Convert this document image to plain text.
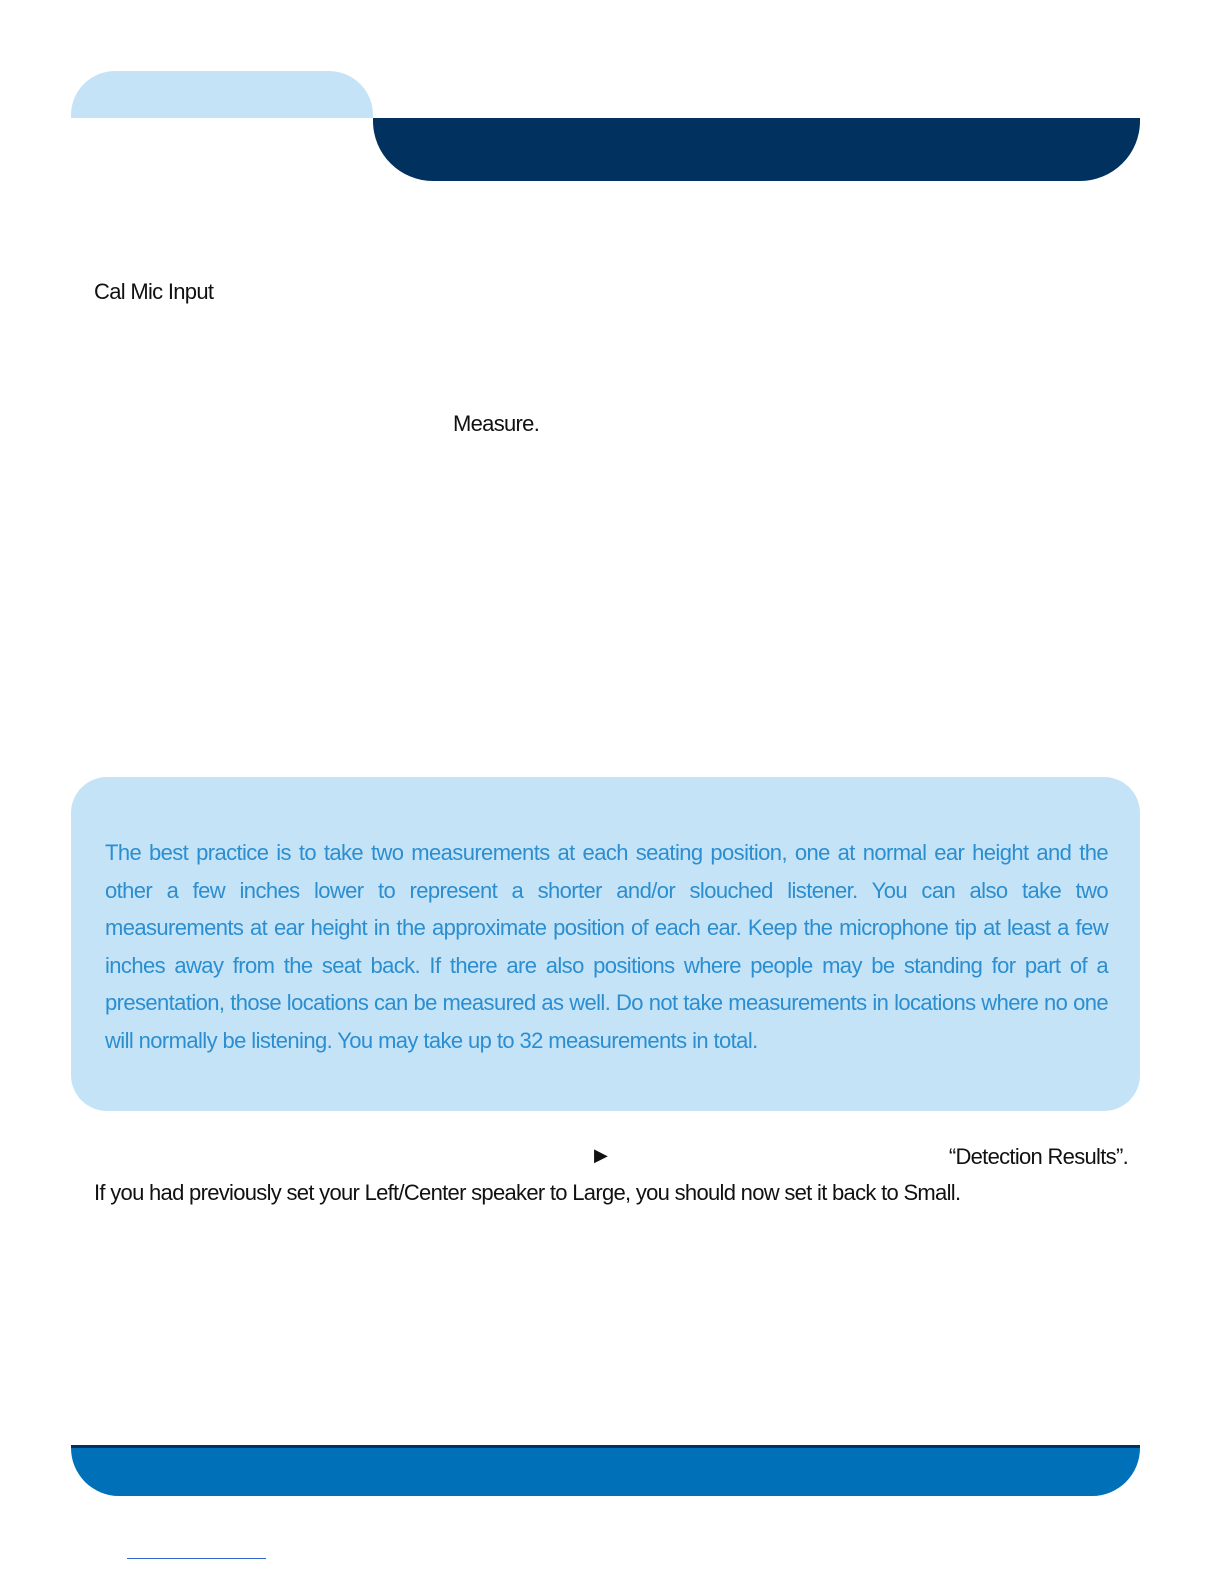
Cal Mic Input

Measure.

The best practice is to take two measurements at each seating position, one at normal ear height and the other a few inches lower to represent a shorter and/or slouched listener. You can also take two measurements at ear height in the approximate position of each ear. Keep the microphone tip at least a few inches away from the seat back. If there are also positions where people may be standing for part of a presentation, those locations can be measured as well. Do not take measurements in locations where no one will normally be listening. You may take up to 32 measurements in total.

▶	“Detection Results”.

If you had previously set your Left/Center speaker to Large, you should now set it back to Small.
